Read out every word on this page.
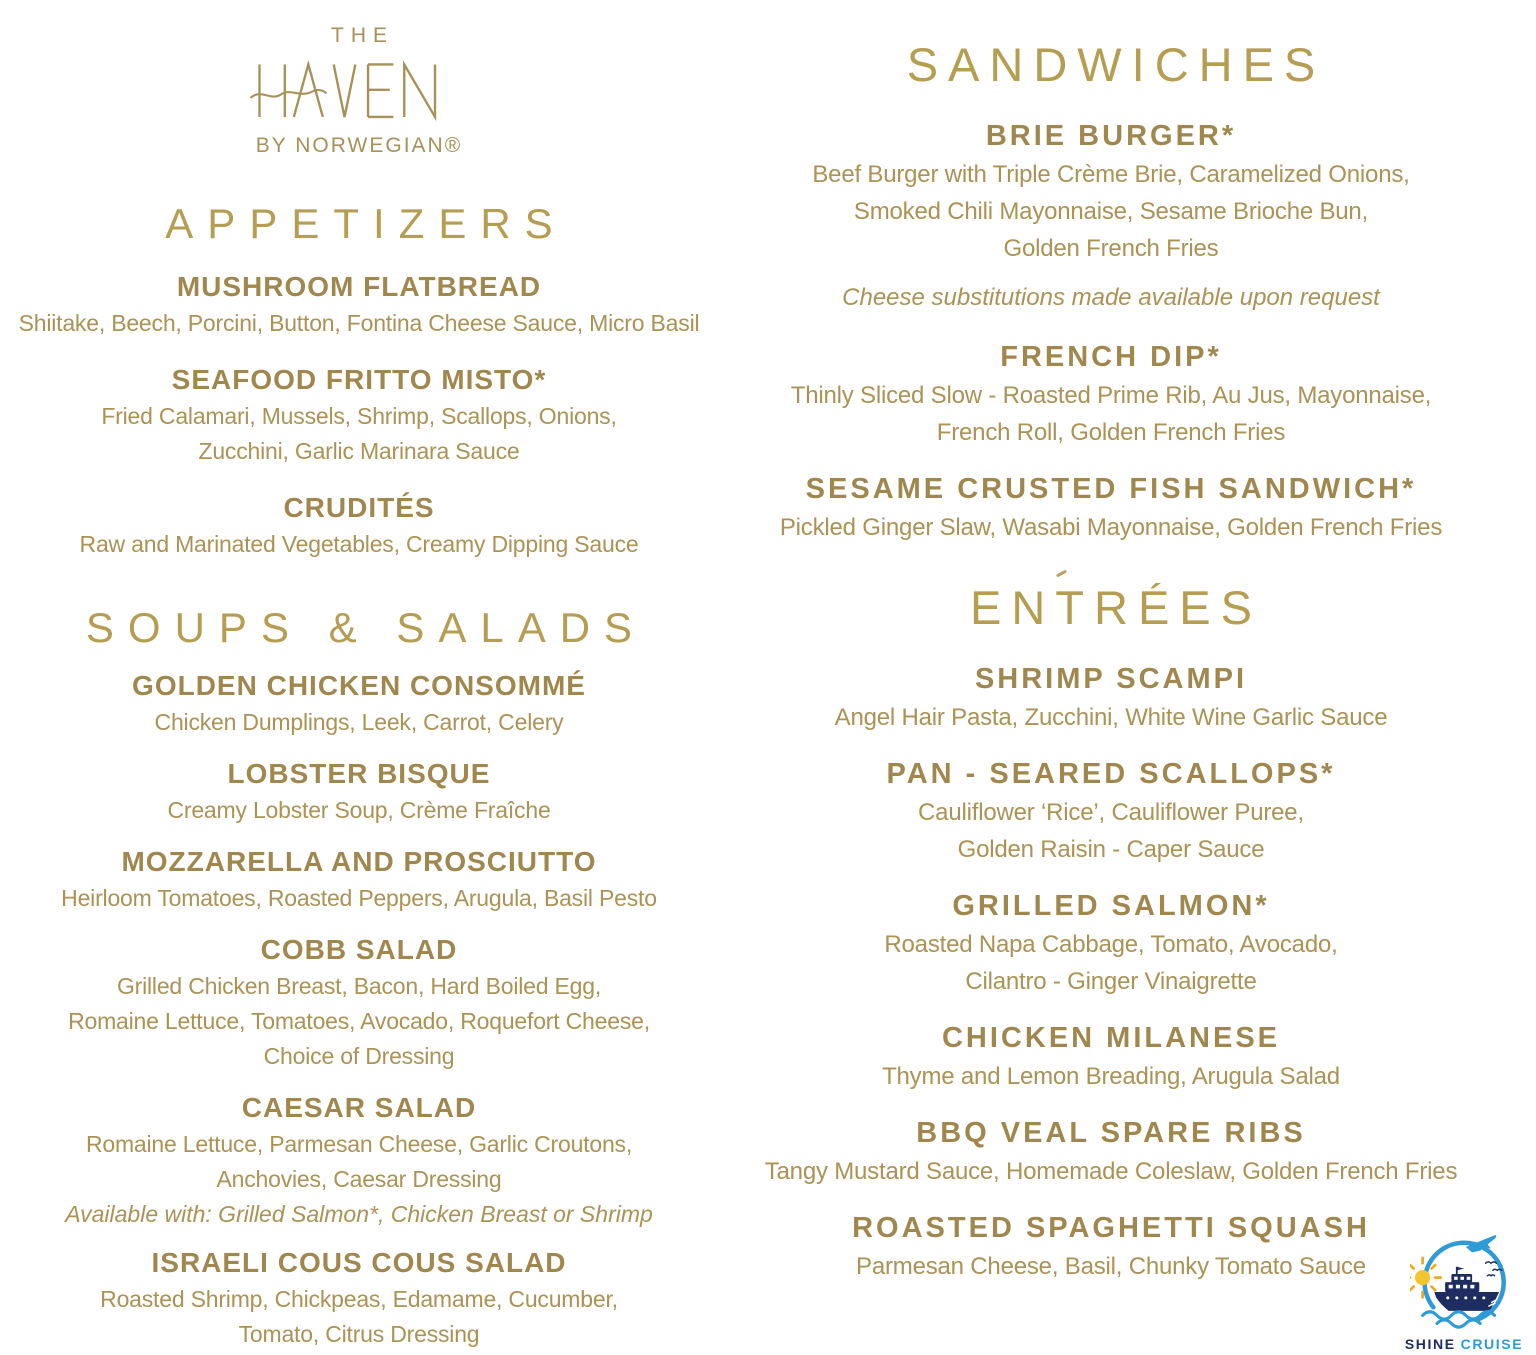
THE
BY NORWEGIAN®
APPETIZERS
MUSHROOM FLATBREAD
Shiitake, Beech, Porcini, Button, Fontina Cheese Sauce, Micro Basil
SEAFOOD FRITTO MISTO*
Fried Calamari, Mussels, Shrimp, Scallops, Onions,
Zucchini, Garlic Marinara Sauce
CRUDITÉS
Raw and Marinated Vegetables, Creamy Dipping Sauce
SOUPS & SALADS
GOLDEN CHICKEN CONSOMMÉ
Chicken Dumplings, Leek, Carrot, Celery
LOBSTER BISQUE
Creamy Lobster Soup, Crème Fraîche
MOZZARELLA AND PROSCIUTTO
Heirloom Tomatoes, Roasted Peppers, Arugula, Basil Pesto
COBB SALAD
Grilled Chicken Breast, Bacon, Hard Boiled Egg,
Romaine Lettuce, Tomatoes, Avocado, Roquefort Cheese,
Choice of Dressing
CAESAR SALAD
Romaine Lettuce, Parmesan Cheese, Garlic Croutons,
Anchovies, Caesar Dressing
Available with: Grilled Salmon*, Chicken Breast or Shrimp
ISRAELI COUS COUS SALAD
Roasted Shrimp, Chickpeas, Edamame, Cucumber,
Tomato, Citrus Dressing
SANDWICHES
BRIE BURGER*
Beef Burger with Triple Crème Brie, Caramelized Onions,
Smoked Chili Mayonnaise, Sesame Brioche Bun,
Golden French Fries
Cheese substitutions made available upon request
FRENCH DIP*
Thinly Sliced Slow - Roasted Prime Rib, Au Jus, Mayonnaise,
French Roll, Golden French Fries
SESAME CRUSTED FISH SANDWICH*
Pickled Ginger Slaw, Wasabi Mayonnaise, Golden French Fries
ENTRÉES
SHRIMP SCAMPI
Angel Hair Pasta, Zucchini, White Wine Garlic Sauce
PAN - SEARED SCALLOPS*
Cauliflower ‘Rice’, Cauliflower Puree,
Golden Raisin - Caper Sauce
GRILLED SALMON*
Roasted Napa Cabbage, Tomato, Avocado,
Cilantro - Ginger Vinaigrette
CHICKEN MILANESE
Thyme and Lemon Breading, Arugula Salad
BBQ VEAL SPARE RIBS
Tangy Mustard Sauce, Homemade Coleslaw, Golden French Fries
ROASTED SPAGHETTI SQUASH
Parmesan Cheese, Basil, Chunky Tomato Sauce
SHINE CRUISE
